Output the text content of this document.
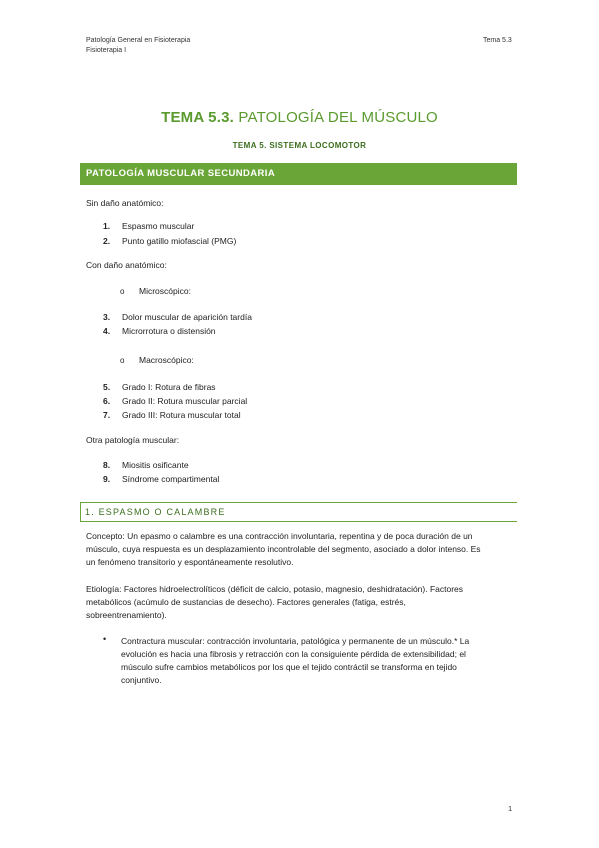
Patología General en Fisioterapia
Fisioterapia I
Tema 5.3
TEMA 5.3. PATOLOGÍA DEL MÚSCULO
TEMA 5. SISTEMA LOCOMOTOR
PATOLOGÍA MUSCULAR SECUNDARIA
Sin daño anatómico:
1. Espasmo muscular
2. Punto gatillo miofascial (PMG)
Con daño anatómico:
o Microscópico:
3. Dolor muscular de aparición tardía
4. Microrrotura o distensión
o Macroscópico:
5. Grado I: Rotura de fibras
6. Grado II: Rotura muscular parcial
7. Grado III: Rotura muscular total
Otra patología muscular:
8. Miositis osificante
9. Síndrome compartimental
1. ESPASMO O CALAMBRE
Concepto: Un epasmo o calambre es una contracción involuntaria, repentina y de poca duración de un
músculo, cuya respuesta es un desplazamiento incontrolable del segmento, asociado a dolor intenso. Es
un fenómeno transitorio y espontáneamente resolutivo.
Etiología: Factores hidroelectrolíticos (déficit de calcio, potasio, magnesio, deshidratación). Factores
metabólicos (acúmulo de sustancias de desecho). Factores generales (fatiga, estrés,
sobreentrenamiento).
• Contractura muscular: contracción involuntaria, patológica y permanente de un músculo.* La
evolución es hacia una fibrosis y retracción con la consiguiente pérdida de extensibilidad; el
músculo sufre cambios metabólicos por los que el tejido contráctil se transforma en tejido
conjuntivo.
1
